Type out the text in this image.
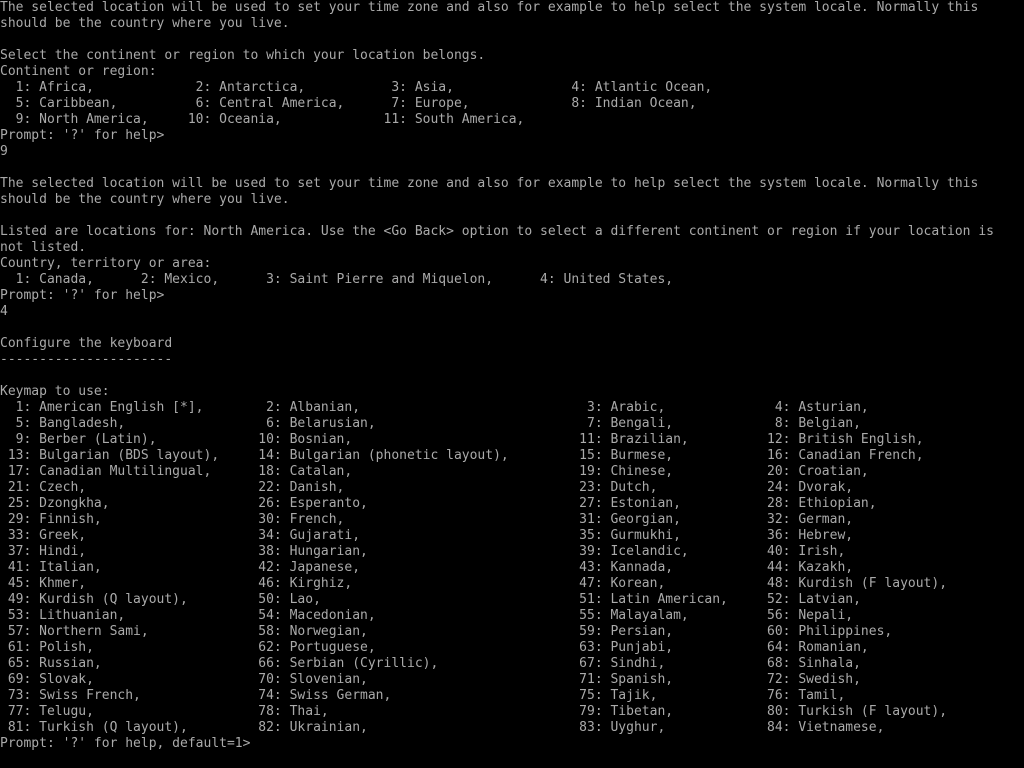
The selected location will be used to set your time zone and also for example to help select the system locale. Normally this
should be the country where you live.
Select the continent or region to which your location belongs.
Continent or region:
1: Africa,             2: Antarctica,           3: Asia,               4: Atlantic Ocean,
5: Caribbean,          6: Central America,      7: Europe,             8: Indian Ocean,
9: North America,     10: Oceania,             11: South America,
Prompt: '?' for help>
9
The selected location will be used to set your time zone and also for example to help select the system locale. Normally this
should be the country where you live.
Listed are locations for: North America. Use the <Go Back> option to select a different continent or region if your location is
not listed.
Country, territory or area:
1: Canada,      2: Mexico,      3: Saint Pierre and Miquelon,      4: United States,
Prompt: '?' for help>
4
Configure the keyboard
----------------------
Keymap to use:
1: American English [*],        2: Albanian,                             3: Arabic,              4: Asturian,
5: Bangladesh,                  6: Belarusian,                           7: Bengali,             8: Belgian,
9: Berber (Latin),             10: Bosnian,                             11: Brazilian,          12: British English,
13: Bulgarian (BDS layout),     14: Bulgarian (phonetic layout),         15: Burmese,            16: Canadian French,
17: Canadian Multilingual,      18: Catalan,                             19: Chinese,            20: Croatian,
21: Czech,                      22: Danish,                              23: Dutch,              24: Dvorak,
25: Dzongkha,                   26: Esperanto,                           27: Estonian,           28: Ethiopian,
29: Finnish,                    30: French,                              31: Georgian,           32: German,
33: Greek,                      34: Gujarati,                            35: Gurmukhi,           36: Hebrew,
37: Hindi,                      38: Hungarian,                           39: Icelandic,          40: Irish,
41: Italian,                    42: Japanese,                            43: Kannada,            44: Kazakh,
45: Khmer,                      46: Kirghiz,                             47: Korean,             48: Kurdish (F layout),
49: Kurdish (Q layout),         50: Lao,                                 51: Latin American,     52: Latvian,
53: Lithuanian,                 54: Macedonian,                          55: Malayalam,          56: Nepali,
57: Northern Sami,              58: Norwegian,                           59: Persian,            60: Philippines,
61: Polish,                     62: Portuguese,                          63: Punjabi,            64: Romanian,
65: Russian,                    66: Serbian (Cyrillic),                  67: Sindhi,             68: Sinhala,
69: Slovak,                     70: Slovenian,                           71: Spanish,            72: Swedish,
73: Swiss French,               74: Swiss German,                        75: Tajik,              76: Tamil,
77: Telugu,                     78: Thai,                                79: Tibetan,            80: Turkish (F layout),
81: Turkish (Q layout),         82: Ukrainian,                           83: Uyghur,             84: Vietnamese,
Prompt: '?' for help, default=1>
